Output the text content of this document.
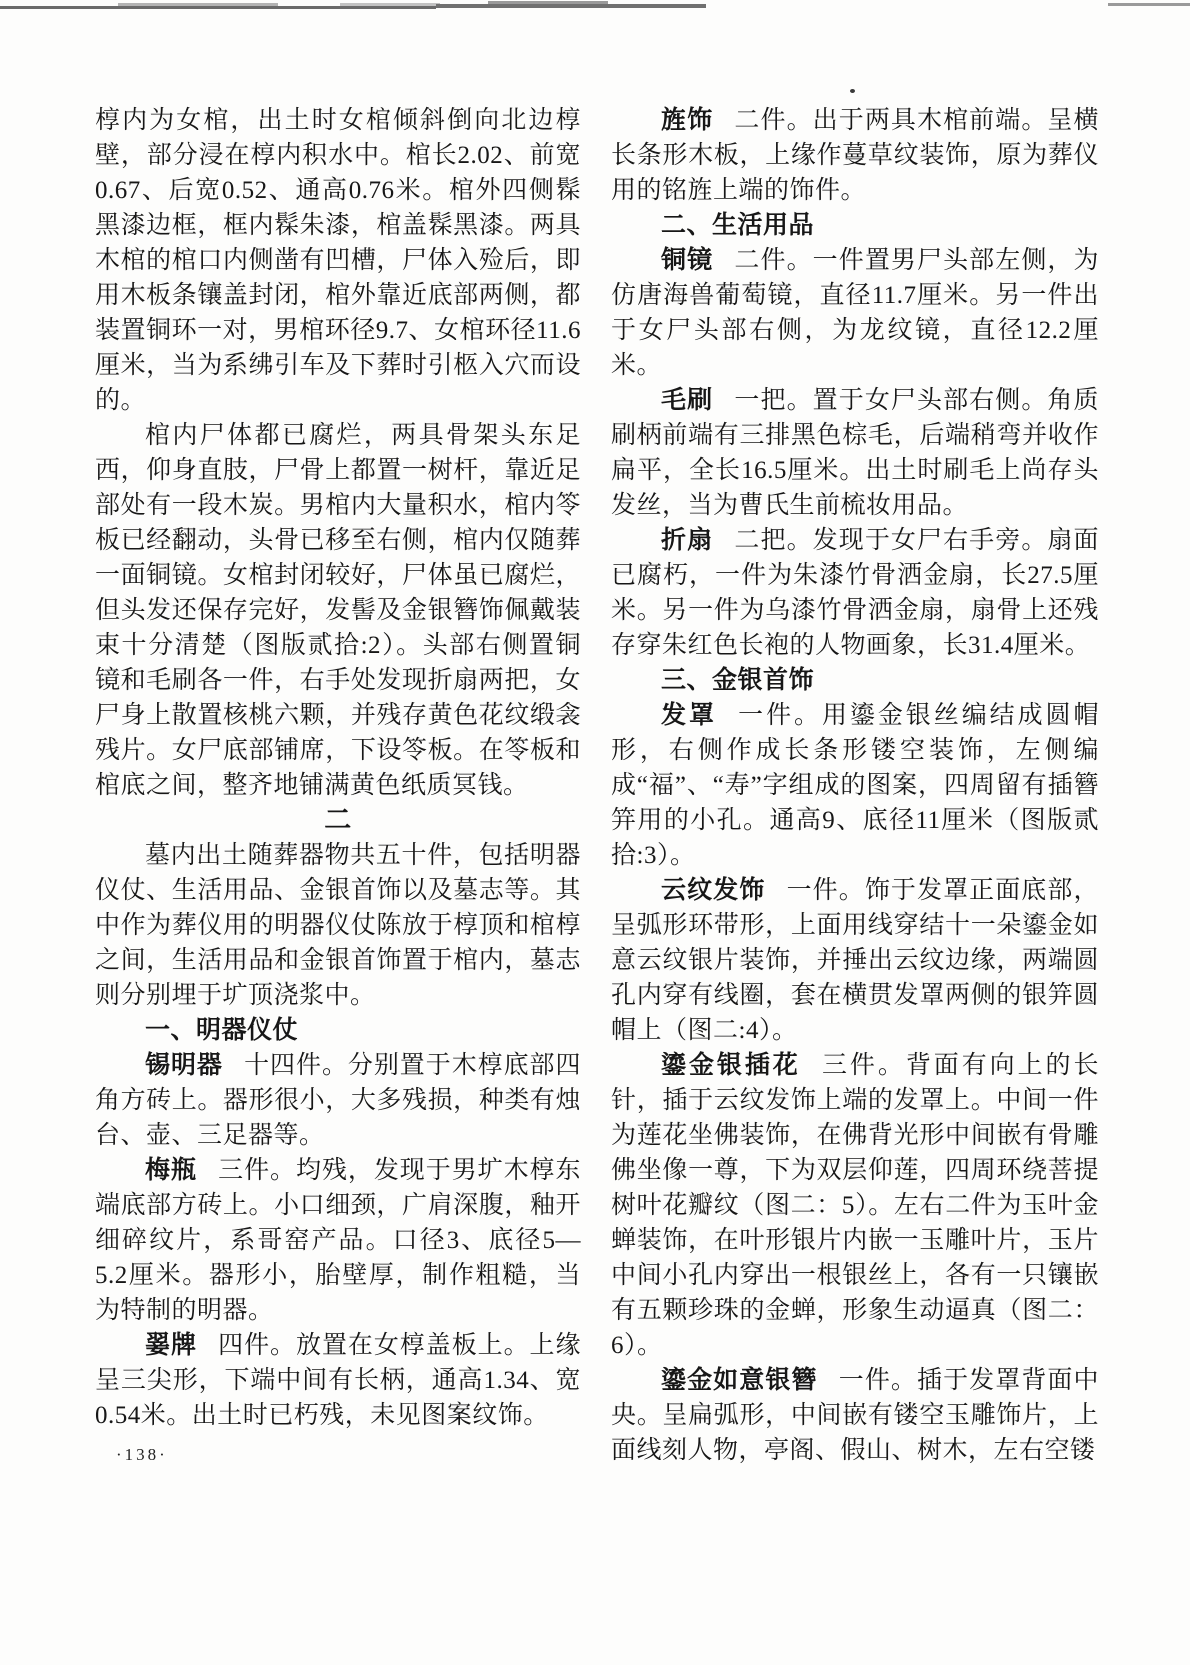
椁内为女棺，出土时女棺倾斜倒向北边椁壁，部分浸在椁内积水中。棺长2.02、前宽0.67、后宽0.52、通高0.76米。棺外四侧髹黑漆边框，框内髹朱漆，棺盖髹黑漆。两具木棺的棺口内侧凿有凹槽，尸体入殓后，即用木板条镶盖封闭，棺外靠近底部两侧，都装置铜环一对，男棺环径9.7、女棺环径11.6厘米，当为系绋引车及下葬时引柩入穴而设的。

棺内尸体都已腐烂，两具骨架头东足西，仰身直肢，尸骨上都置一树杆，靠近足部处有一段木炭。男棺内大量积水，棺内笭板已经翻动，头骨已移至右侧，棺内仅随葬一面铜镜。女棺封闭较好，尸体虽已腐烂，但头发还保存完好，发髻及金银簪饰佩戴装束十分清楚（图版贰拾:2）。头部右侧置铜镜和毛刷各一件，右手处发现折扇两把，女尸身上散置核桃六颗，并残存黄色花纹缎衾残片。女尸底部铺席，下设笭板。在笭板和棺底之间，整齐地铺满黄色纸质冥钱。

二

墓内出土随葬器物共五十件，包括明器仪仗、生活用品、金银首饰以及墓志等。其中作为葬仪用的明器仪仗陈放于椁顶和棺椁之间，生活用品和金银首饰置于棺内，墓志则分别埋于圹顶浇浆中。

一、明器仪仗

锡明器 十四件。分别置于木椁底部四角方砖上。器形很小，大多残损，种类有烛台、壶、三足器等。

梅瓶 三件。均残，发现于男圹木椁东端底部方砖上。小口细颈，广肩深腹，釉开细碎纹片，系哥窑产品。口径3、底径5—5.2厘米。器形小，胎壁厚，制作粗糙，当为特制的明器。

翣牌 四件。放置在女椁盖板上。上缘呈三尖形，下端中间有长柄，通高1.34、宽0.54米。出土时已朽残，未见图案纹饰。

旌饰 二件。出于两具木棺前端。呈横长条形木板，上缘作蔓草纹装饰，原为葬仪用的铭旌上端的饰件。

二、生活用品

铜镜 二件。一件置男尸头部左侧，为仿唐海兽葡萄镜，直径11.7厘米。另一件出于女尸头部右侧，为龙纹镜，直径12.2厘米。

毛刷 一把。置于女尸头部右侧。角质刷柄前端有三排黑色棕毛，后端稍弯并收作扁平，全长16.5厘米。出土时刷毛上尚存头发丝，当为曹氏生前梳妆用品。

折扇 二把。发现于女尸右手旁。扇面已腐朽，一件为朱漆竹骨洒金扇，长27.5厘米。另一件为乌漆竹骨洒金扇，扇骨上还残存穿朱红色长袍的人物画象，长31.4厘米。

三、金银首饰

发罩 一件。用鎏金银丝编结成圆帽形，右侧作成长条形镂空装饰，左侧编成“福”、“寿”字组成的图案，四周留有插簪笄用的小孔。通高9、底径11厘米（图版贰拾:3）。

云纹发饰 一件。饰于发罩正面底部，呈弧形环带形，上面用线穿结十一朵鎏金如意云纹银片装饰，并捶出云纹边缘，两端圆孔内穿有线圈，套在横贯发罩两侧的银笄圆帽上（图二:4）。

鎏金银插花 三件。背面有向上的长针，插于云纹发饰上端的发罩上。中间一件为莲花坐佛装饰，在佛背光形中间嵌有骨雕佛坐像一尊，下为双层仰莲，四周环绕菩提树叶花瓣纹（图二：5）。左右二件为玉叶金蝉装饰，在叶形银片内嵌一玉雕叶片，玉片中间小孔内穿出一根银丝上，各有一只镶嵌有五颗珍珠的金蝉，形象生动逼真（图二：6）。

鎏金如意银簪 一件。插于发罩背面中央。呈扁弧形，中间嵌有镂空玉雕饰片，上面线刻人物，亭阁、假山、树木，左右空镂

·138·
